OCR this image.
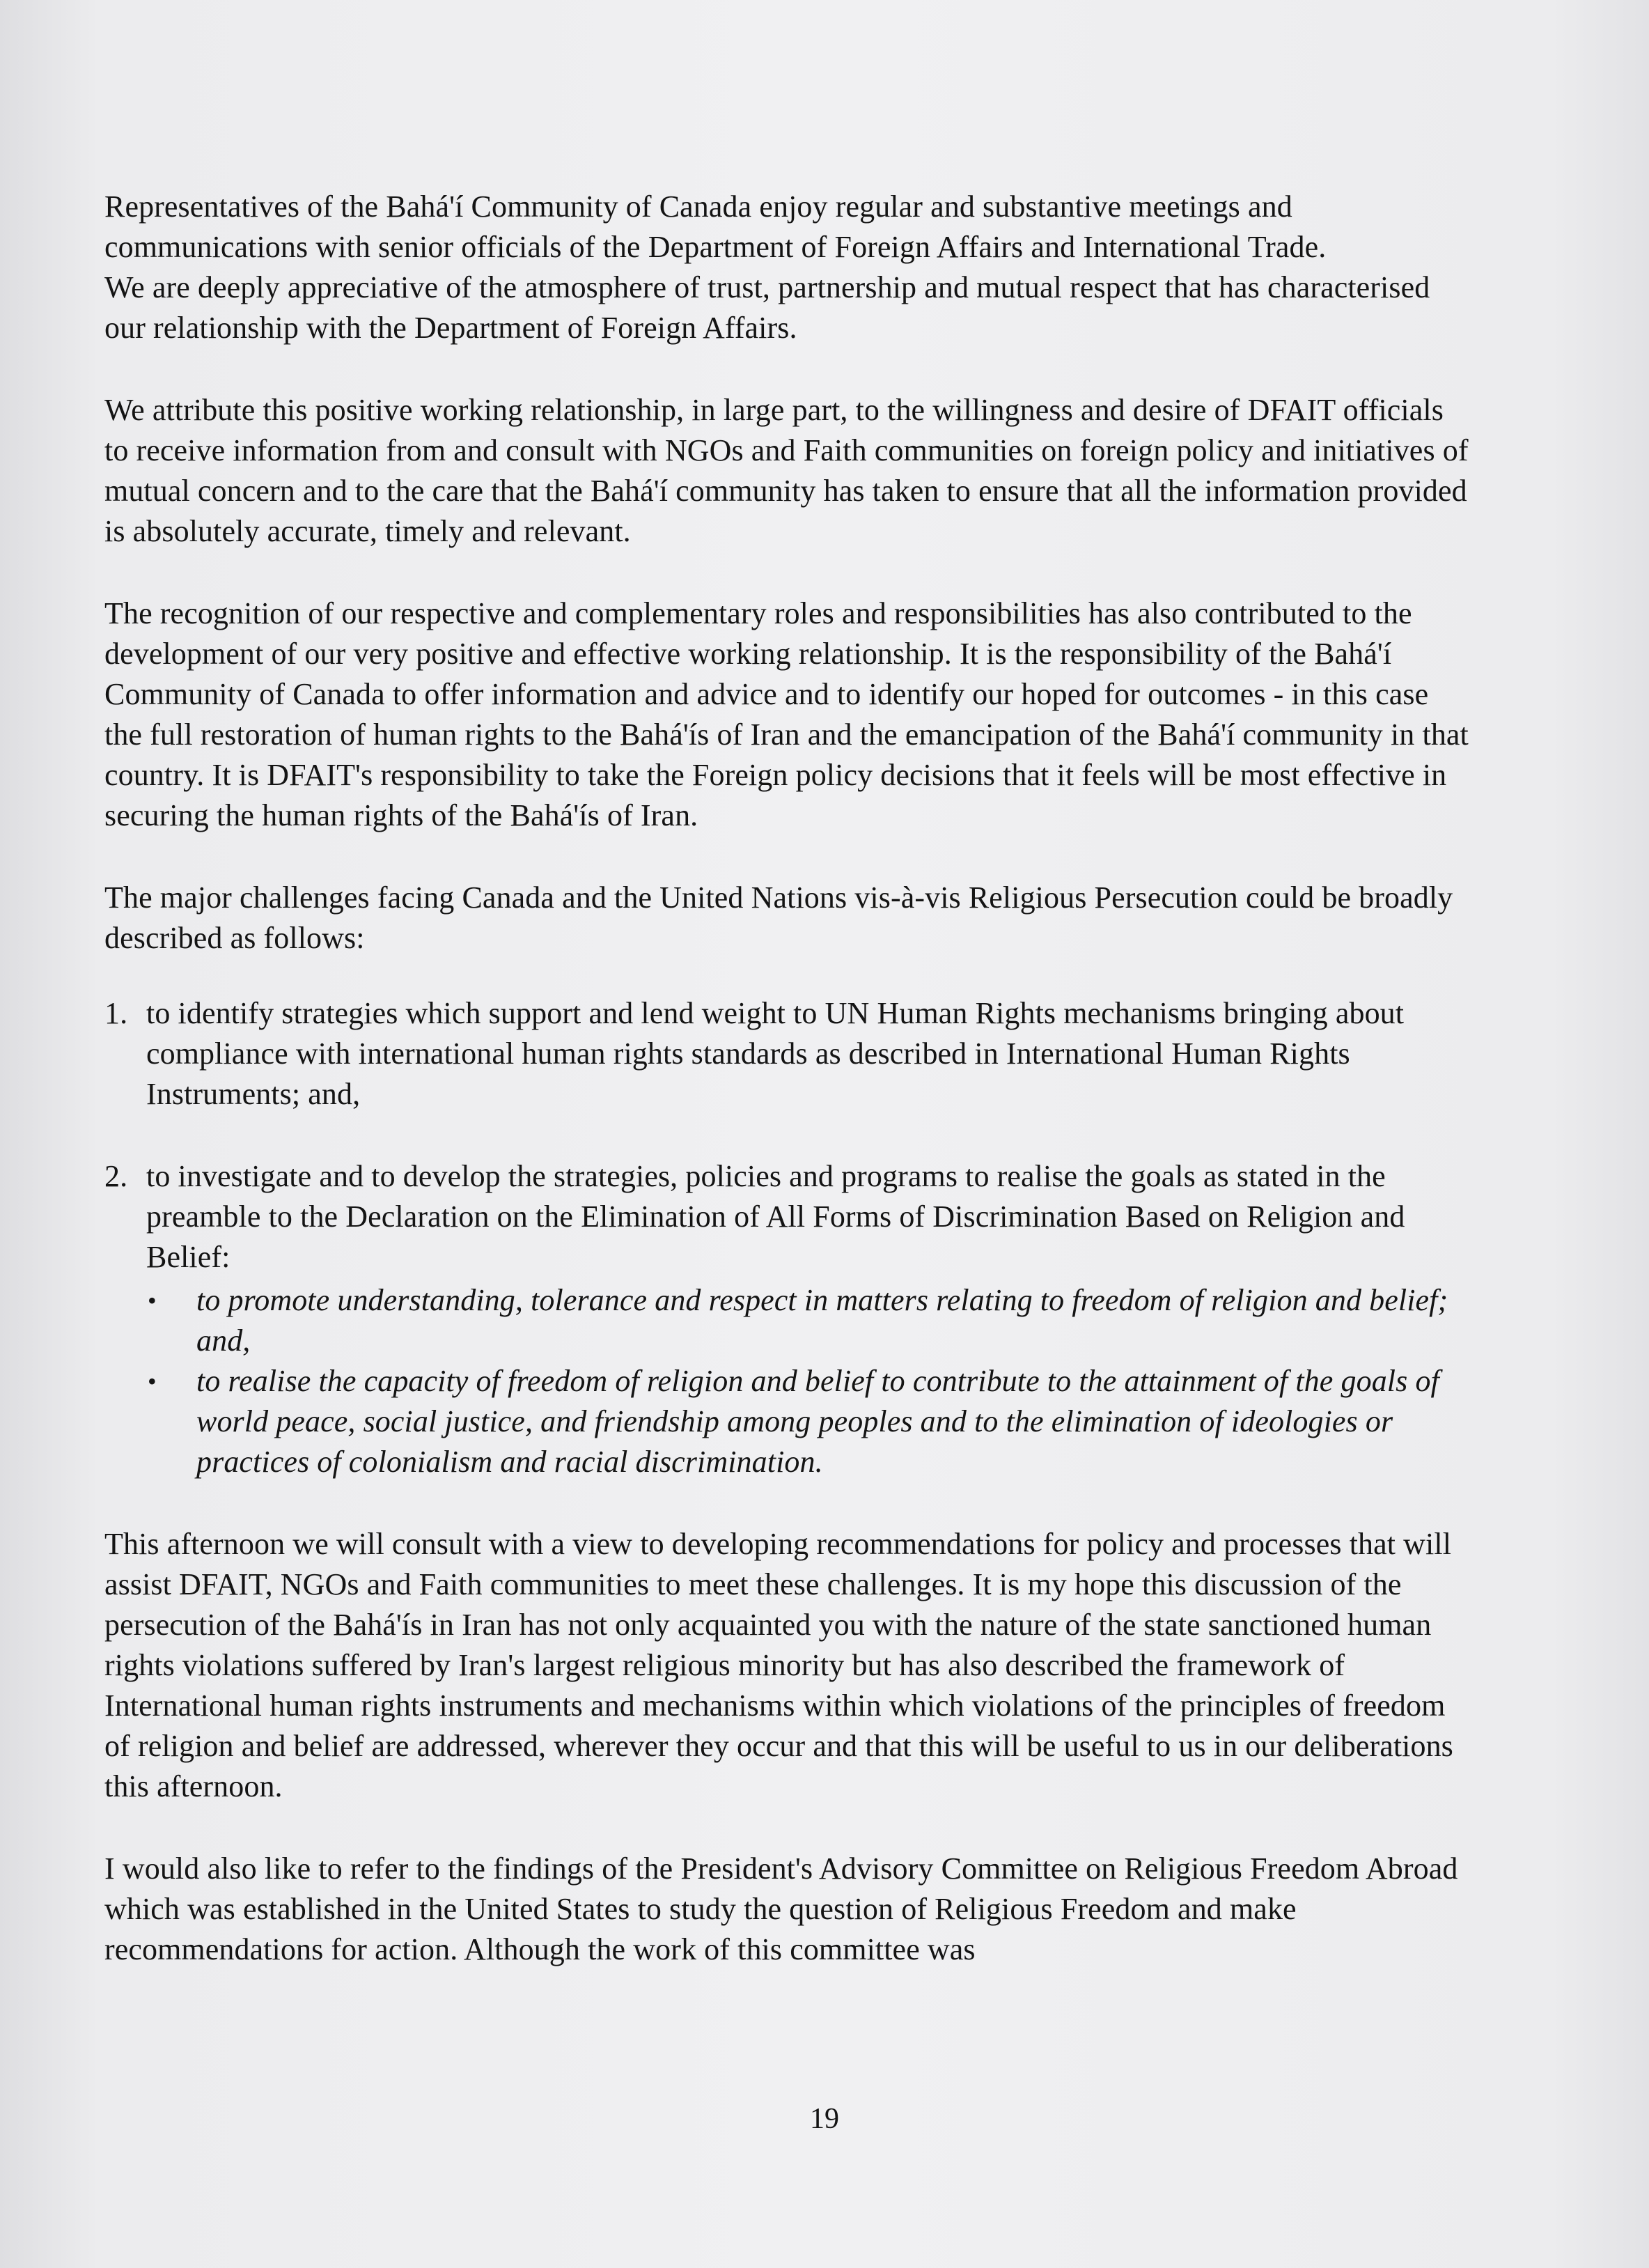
Representatives of the Bahá'í Community of Canada enjoy regular and substantive meetings and communications with senior officials of the Department of Foreign Affairs and International Trade.

We are deeply appreciative of the atmosphere of trust, partnership and mutual respect that has characterised our relationship with the Department of Foreign Affairs.

We attribute this positive working relationship, in large part, to the willingness and desire of DFAIT officials to receive information from and consult with NGOs and Faith communities on foreign policy and initiatives of mutual concern and to the care that the Bahá'í community has taken to ensure that all the information provided is absolutely accurate, timely and relevant.

The recognition of our respective and complementary roles and responsibilities has also contributed to the development of our very positive and effective working relationship. It is the responsibility of the Bahá'í Community of Canada to offer information and advice and to identify our hoped for outcomes - in this case the full restoration of human rights to the Bahá'ís of Iran and the emancipation of the Bahá'í community in that country. It is DFAIT's responsibility to take the Foreign policy decisions that it feels will be most effective in securing the human rights of the Bahá'ís of Iran.

The major challenges facing Canada and the United Nations vis-à-vis Religious Persecution could be broadly described as follows:

1. to identify strategies which support and lend weight to UN Human Rights mechanisms bringing about compliance with international human rights standards as described in International Human Rights Instruments; and,
2. to investigate and to develop the strategies, policies and programs to realise the goals as stated in the preamble to the Declaration on the Elimination of All Forms of Discrimination Based on Religion and Belief:
• to promote understanding, tolerance and respect in matters relating to freedom of religion and belief; and,
• to realise the capacity of freedom of religion and belief to contribute to the attainment of the goals of world peace, social justice, and friendship among peoples and to the elimination of ideologies or practices of colonialism and racial discrimination.

This afternoon we will consult with a view to developing recommendations for policy and processes that will assist DFAIT, NGOs and Faith communities to meet these challenges. It is my hope this discussion of the persecution of the Bahá'ís in Iran has not only acquainted you with the nature of the state sanctioned human rights violations suffered by Iran's largest religious minority but has also described the framework of International human rights instruments and mechanisms within which violations of the principles of freedom of religion and belief are addressed, wherever they occur and that this will be useful to us in our deliberations this afternoon.

I would also like to refer to the findings of the President's Advisory Committee on Religious Freedom Abroad which was established in the United States to study the question of Religious Freedom and make recommendations for action. Although the work of this committee was

19
